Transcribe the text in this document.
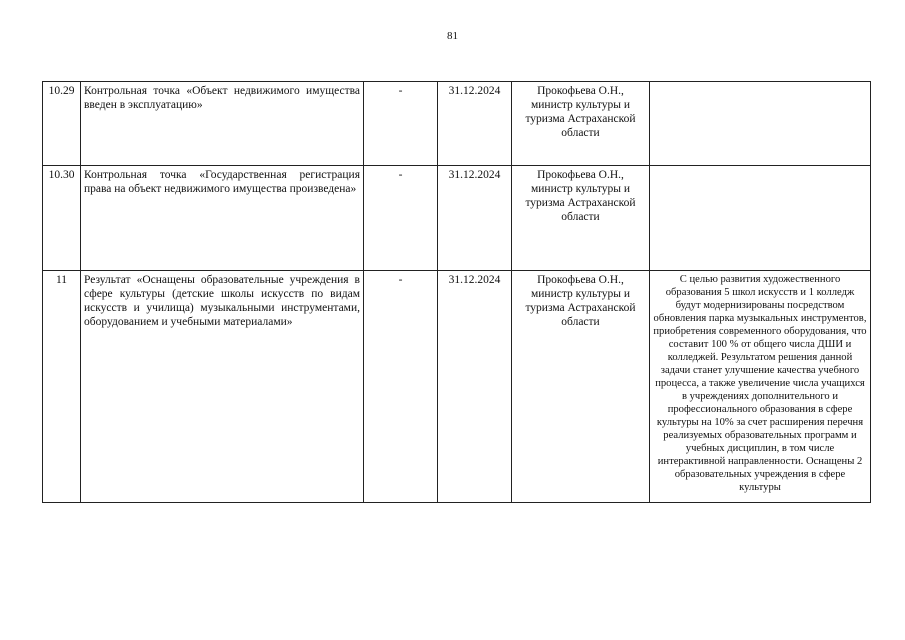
81
10.29	Контрольная точка «Объект недвижимого имущества введен в эксплуатацию»	-	31.12.2024	Прокофьева О.Н., министр культуры и туризма Астраханской области	
10.30	Контрольная точка «Государственная регистрация права на объект недвижимого имущества произведена»	-	31.12.2024	Прокофьева О.Н., министр культуры и туризма Астраханской области	
11	Результат «Оснащены образовательные учреждения в сфере культуры (детские школы искусств по видам искусств и училища) музыкальными инструментами, оборудованием и учебными материалами»	-	31.12.2024	Прокофьева О.Н., министр культуры и туризма Астраханской области	С целью развития художественного образования 5 школ искусств и 1 колледж будут модернизированы посредством обновления парка музыкальных инструментов, приобретения современного оборудования, что составит 100 % от общего числа ДШИ и колледжей. Результатом решения данной задачи станет улучшение качества учебного процесса, а также увеличение числа учащихся в учреждениях дополнительного и профессионального образования в сфере культуры на 10% за счет расширения перечня реализуемых образовательных программ и учебных дисциплин, в том числе интерактивной направленности. Оснащены 2 образовательных учреждения в сфере культуры
